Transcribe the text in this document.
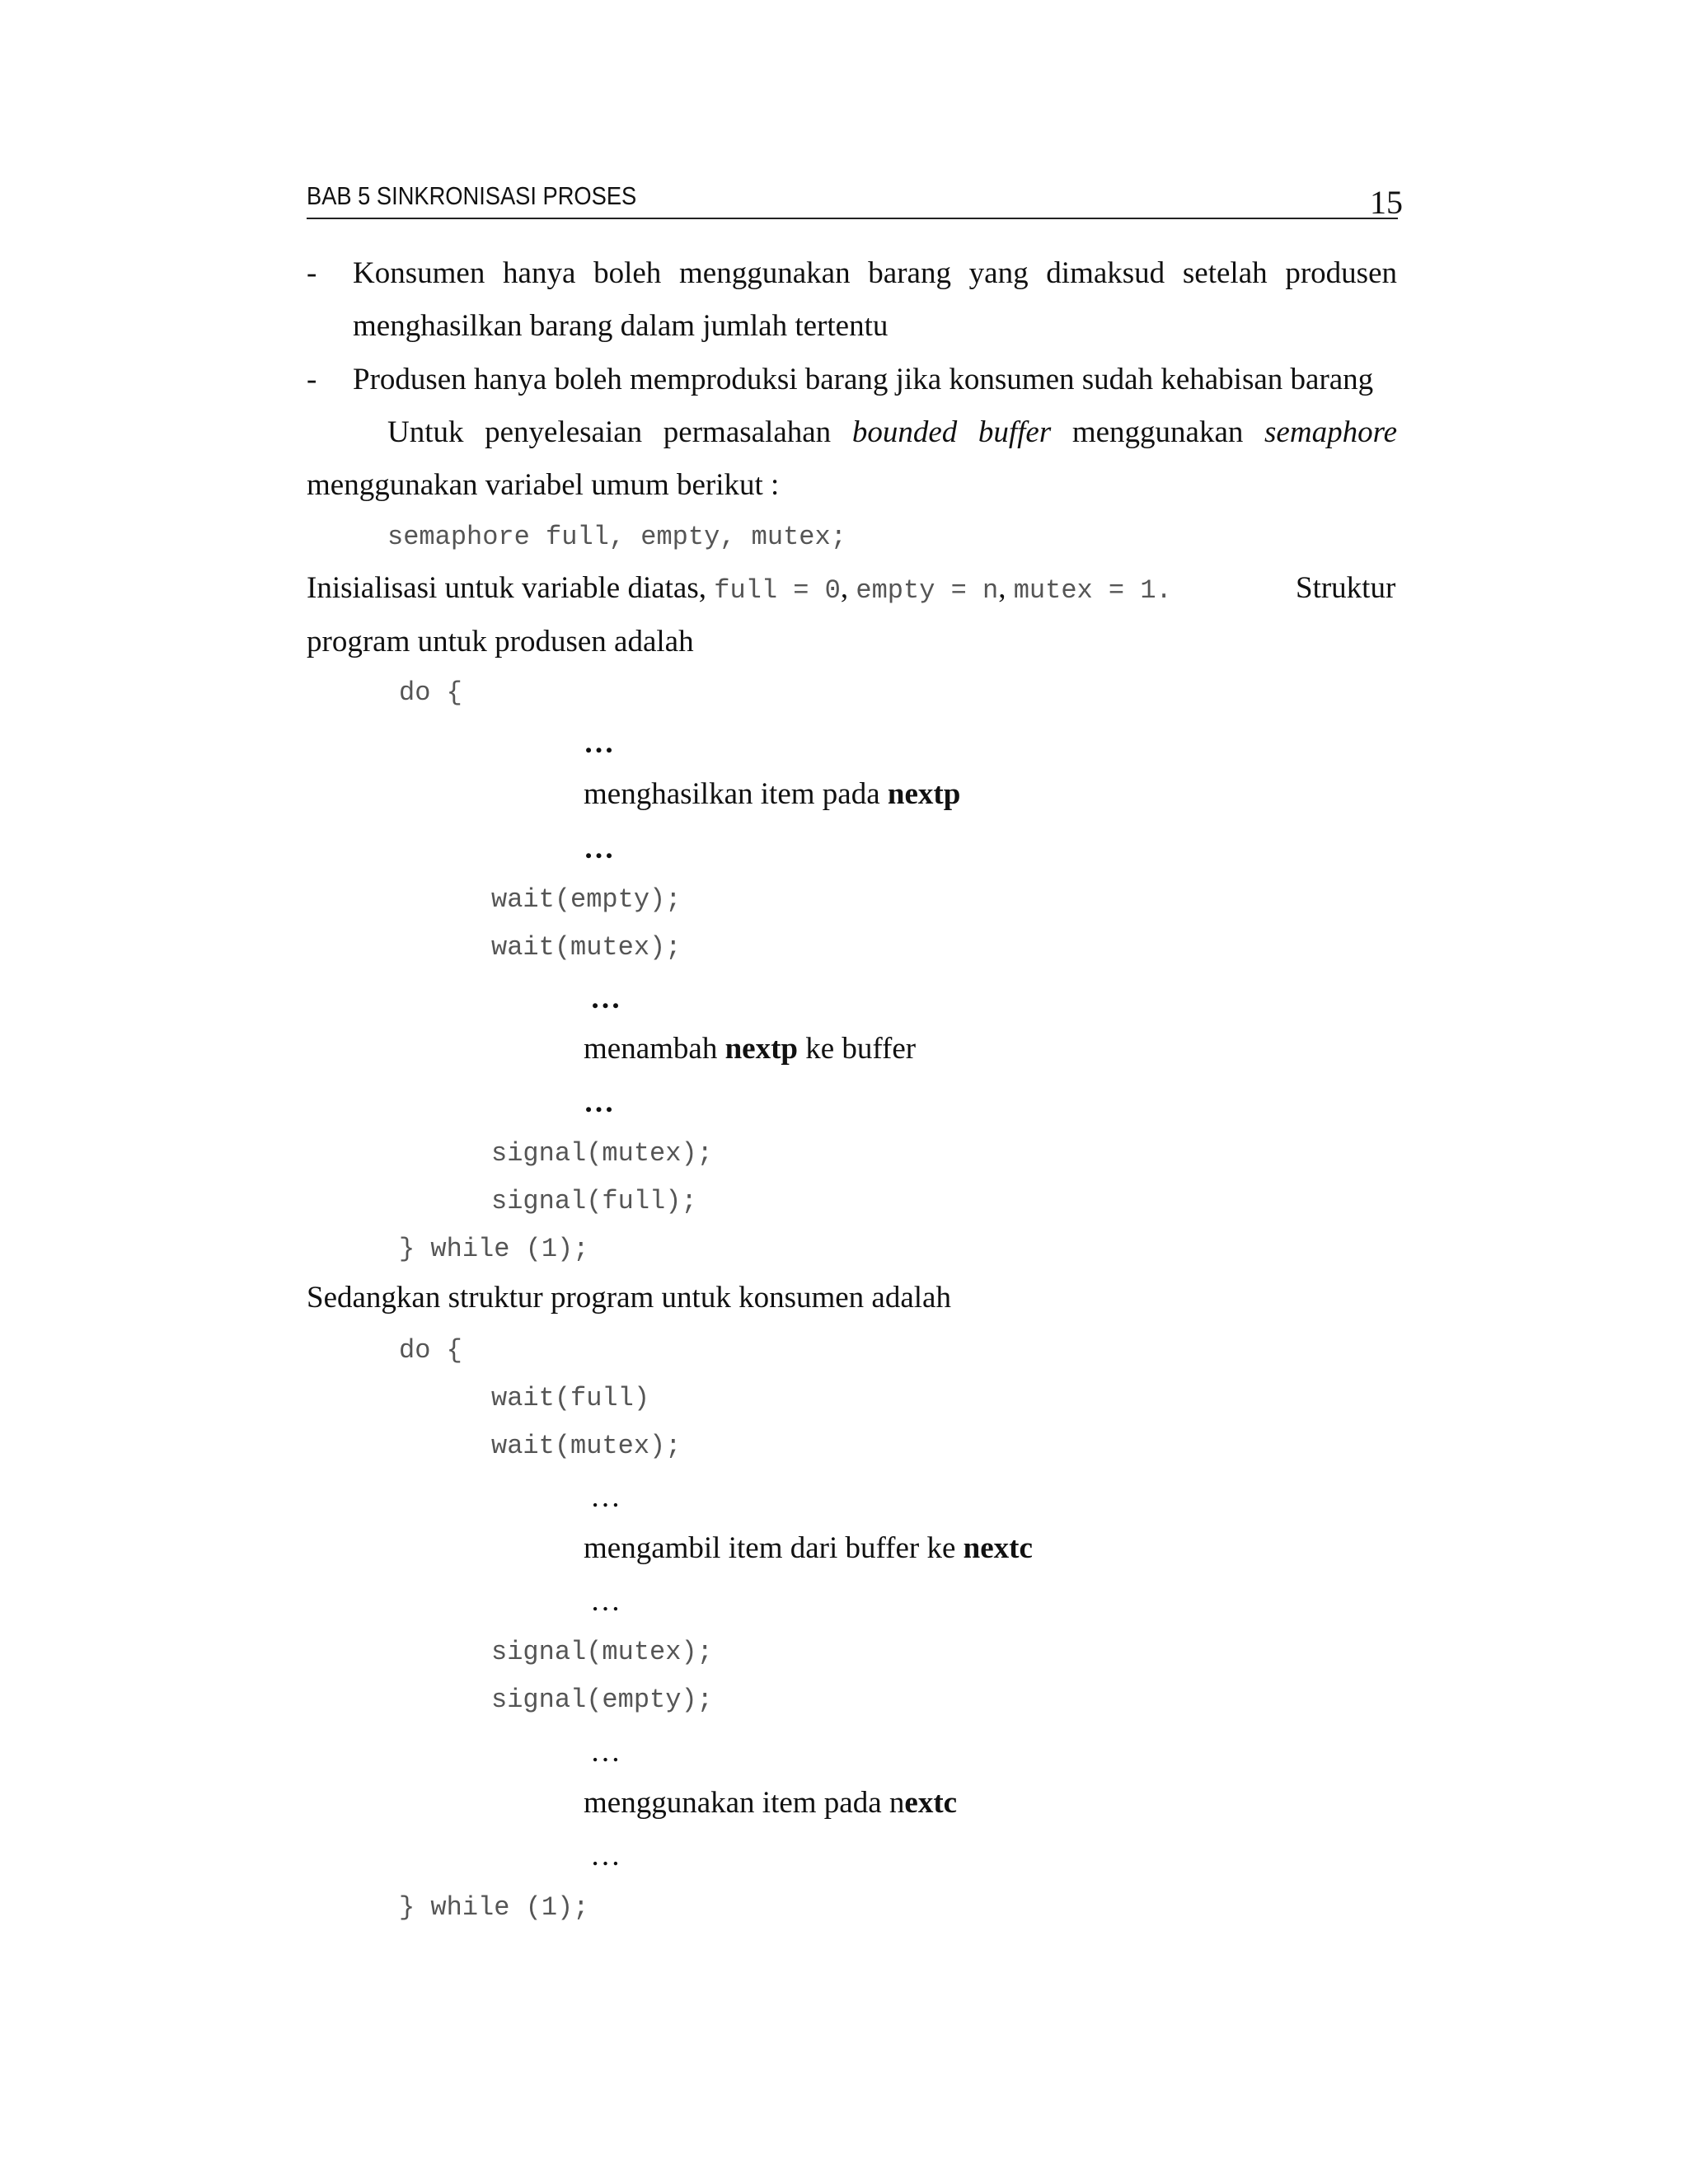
BAB 5 SINKRONISASI PROSES	15
- Konsumen hanya boleh menggunakan barang yang dimaksud setelah produsen
menghasilkan barang dalam jumlah tertentu
- Produsen hanya boleh memproduksi barang jika konsumen sudah kehabisan barang
Untuk penyelesaian permasalahan bounded buffer menggunakan semaphore
menggunakan variabel umum berikut :
semaphore full, empty, mutex;
Inisialisasi untuk variable diatas, full = 0, empty = n, mutex = 1.	Struktur
program untuk produsen adalah
do {
…
menghasilkan item pada nextp
…
wait(empty);
wait(mutex);
…
menambah nextp ke buffer
…
signal(mutex);
signal(full);
} while (1);
Sedangkan struktur program untuk konsumen adalah
do {
wait(full)
wait(mutex);
…
mengambil item dari buffer ke nextc
…
signal(mutex);
signal(empty);
…
menggunakan item pada nextc
…
} while (1);
